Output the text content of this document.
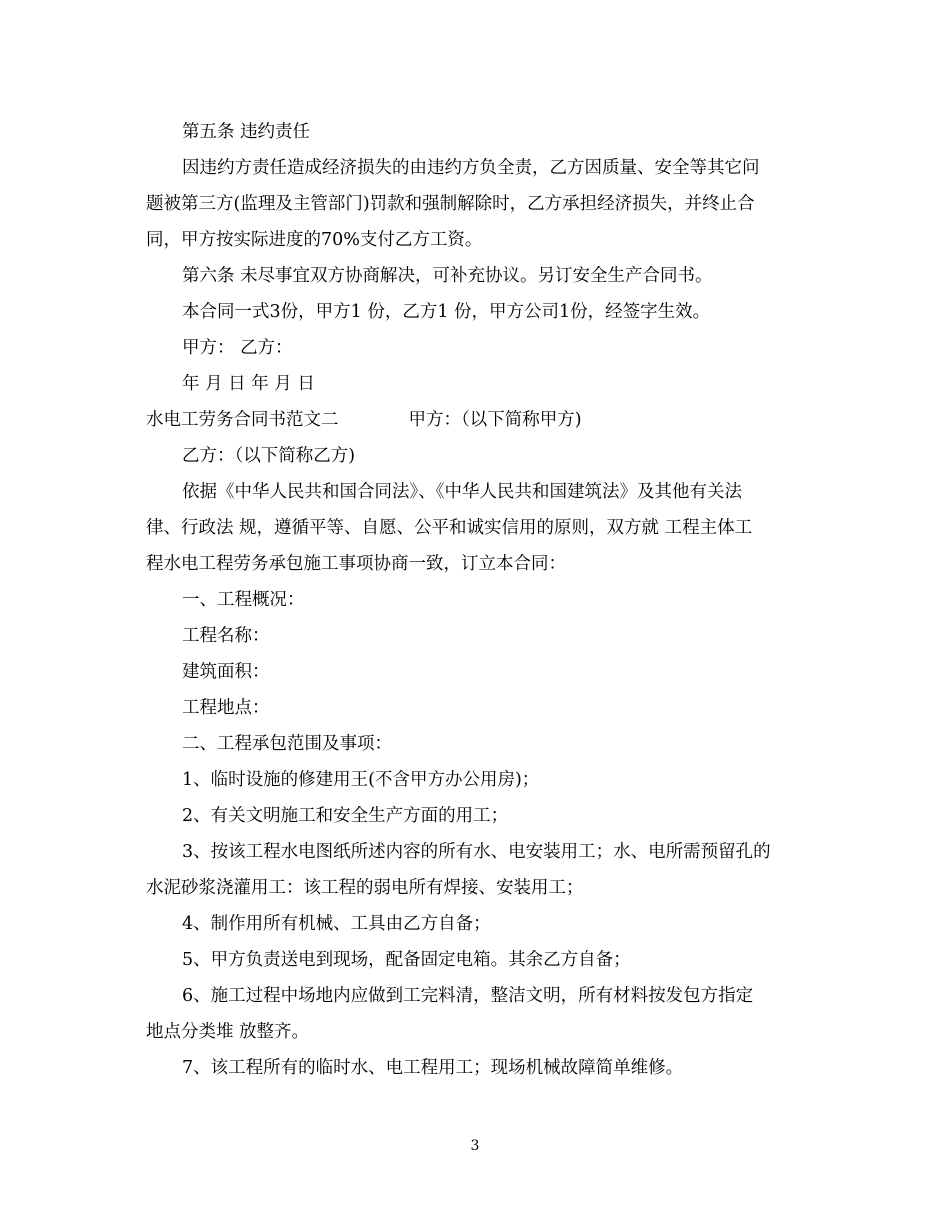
第五条 违约责任
因违约方责任造成经济损失的由违约方负全责，乙方因质量、安全等其它问
题被第三方(监理及主管部门)罚款和强制解除时，乙方承担经济损失，并终止合
同，甲方按实际进度的70%支付乙方工资。
第六条 未尽事宜双方协商解决，可补充协议。另订安全生产合同书。
本合同一式3份，甲方1 份，乙方1 份，甲方公司1份，经签字生效。
甲方： 乙方：
年 月 日 年 月 日
水电工劳务合同书范文二	甲方：（以下简称甲方)
乙方：（以下简称乙方)
依据《中华人民共和国合同法》、《中华人民共和国建筑法》及其他有关法
律、行政法 规，遵循平等、自愿、公平和诚实信用的原则，双方就 工程主体工
程水电工程劳务承包施工事项协商一致，订立本合同：
一、工程概况：
工程名称：
建筑面积：
工程地点：
二、工程承包范围及事项：
1、临时设施的修建用王(不含甲方办公用房)；
2、有关文明施工和安全生产方面的用工；
3、按该工程水电图纸所述内容的所有水、电安装用工；水、电所需预留孔的
水泥砂浆浇灌用工：该工程的弱电所有焊接、安装用工；
4、制作用所有机械、工具由乙方自备；
5、甲方负责送电到现场，配备固定电箱。其余乙方自备；
6、施工过程中场地内应做到工完料清，整洁文明，所有材料按发包方指定
地点分类堆 放整齐。
7、该工程所有的临时水、电工程用工；现场机械故障简单维修。
3
